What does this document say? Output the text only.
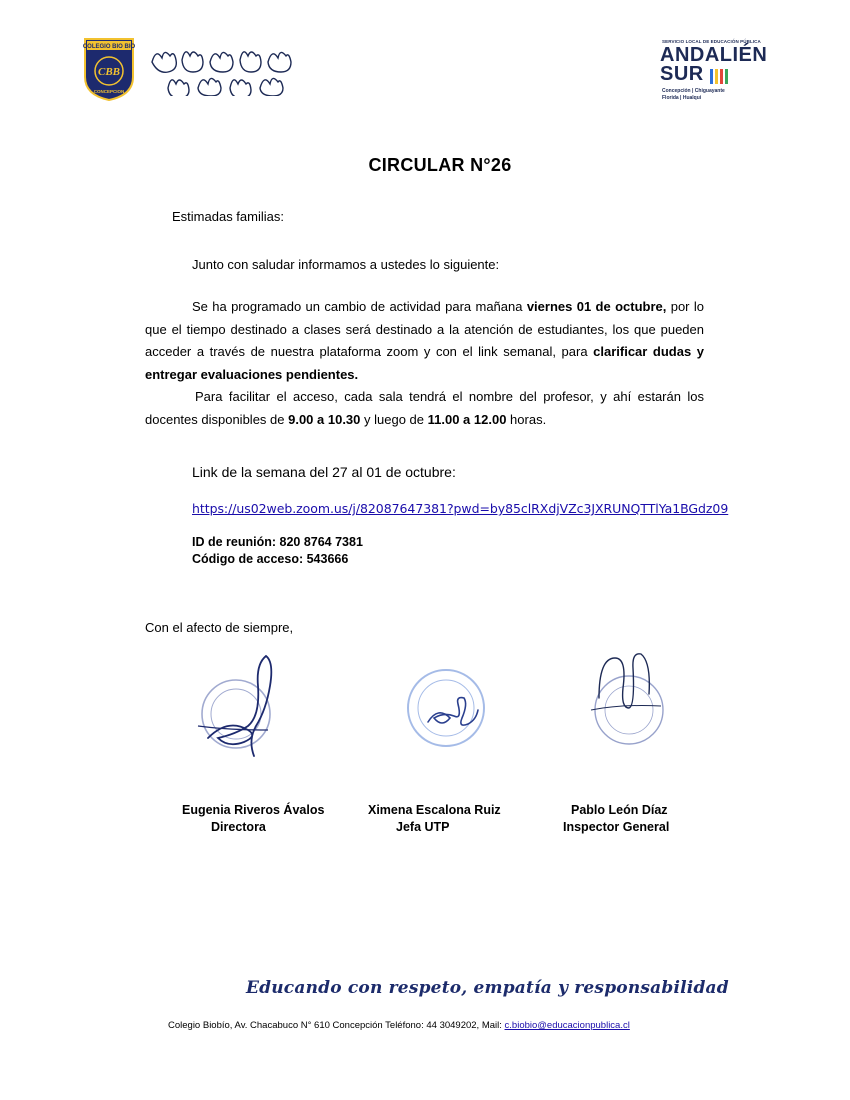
COLEGIO BIO BIO
CBB
CONCEPCION
SERVICIO LOCAL DE EDUCACIÓN PÚBLICA
ANDALIÉN
SUR
Concepción | Chiguayante
Florida | Hualqui
CIRCULAR N°26
Estimadas familias:
Junto con saludar informamos a ustedes lo siguiente:
Se ha programado un cambio de actividad para mañana viernes 01 de octubre, por lo que el tiempo destinado a clases será destinado a la atención de estudiantes, los que pueden acceder a través de nuestra plataforma zoom y con el link semanal, para clarificar dudas y entregar evaluaciones pendientes.
Para facilitar el acceso, cada sala tendrá el nombre del profesor, y ahí estarán los docentes disponibles de 9.00 a 10.30 y luego de 11.00 a 12.00 horas.
Link de la semana del 27 al 01 de octubre:
https://us02web.zoom.us/j/82087647381?pwd=by85clRXdjVZc3JXRUNQTTlYa1BGdz09
ID de reunión: 820 8764 7381
Código de acceso: 543666
Con el afecto de siempre,
Eugenia Riveros Ávalos
Directora
Ximena Escalona Ruiz
Jefa UTP
Pablo León Díaz
Inspector General
Educando con respeto, empatía y responsabilidad
Colegio Biobío, Av. Chacabuco N° 610 Concepción Teléfono: 44 3049202, Mail: c.biobio@educacionpublica.cl
